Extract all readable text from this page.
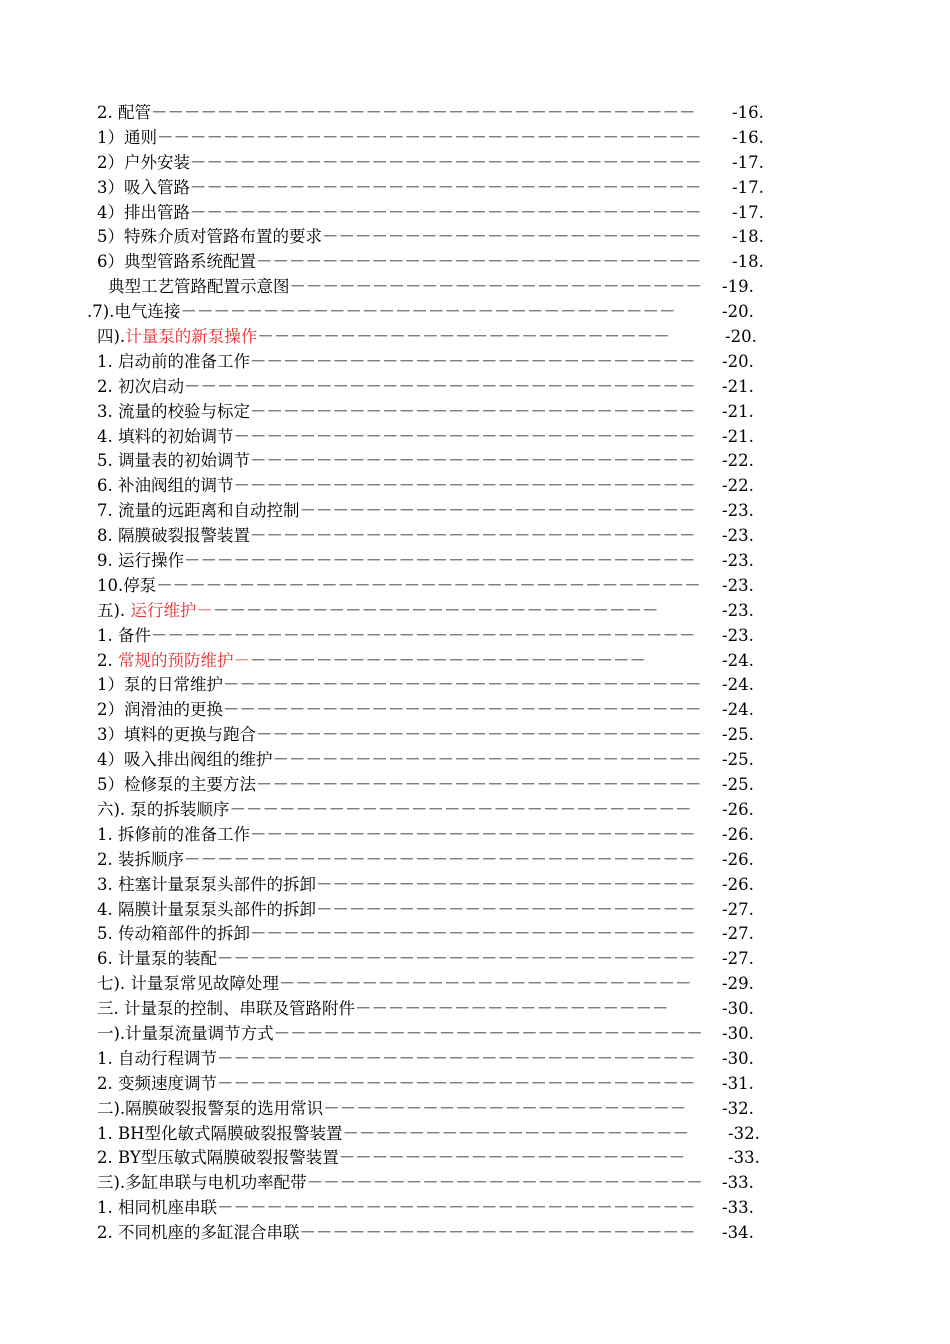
2. 配管－－－－－－－－－－－－－－－－－－－－－－－－－－－－－－－－－ -16.
1）通则－－－－－－－－－－－－－－－－－－－－－－－－－－－－－－－－－ -16.
2）户外安装－－－－－－－－－－－－－－－－－－－－－－－－－－－－－－－ -17.
3）吸入管路－－－－－－－－－－－－－－－－－－－－－－－－－－－－－－－ -17.
4）排出管路－－－－－－－－－－－－－－－－－－－－－－－－－－－－－－－ -17.
5）特殊介质对管路布置的要求－－－－－－－－－－－－－－－－－－－－－－－ -18.
6）典型管路系统配置－－－－－－－－－－－－－－－－－－－－－－－－－－－ -18.
典型工艺管路配置示意图－－－－－－－－－－－－－－－－－－－－－－－－－ -19.
.7).电气连接－－－－－－－－－－－－－－－－－－－－－－－－－－－－－－	-20.
四).计量泵的新泵操作－－－－－－－－－－－－－－－－－－－－－－－－－	-20.
1. 启动前的准备工作－－－－－－－－－－－－－－－－－－－－－－－－－－－ -20.
2. 初次启动－－－－－－－－－－－－－－－－－－－－－－－－－－－－－－－ -21.
3. 流量的校验与标定－－－－－－－－－－－－－－－－－－－－－－－－－－－ -21.
4. 填料的初始调节－－－－－－－－－－－－－－－－－－－－－－－－－－－－ -21.
5. 调量表的初始调节－－－－－－－－－－－－－－－－－－－－－－－－－－－ -22.
6. 补油阀组的调节－－－－－－－－－－－－－－－－－－－－－－－－－－－－ -22.
7. 流量的远距离和自动控制－－－－－－－－－－－－－－－－－－－－－－－－ -23.
8. 隔膜破裂报警装置－－－－－－－－－－－－－－－－－－－－－－－－－－－ -23.
9. 运行操作－－－－－－－－－－－－－－－－－－－－－－－－－－－－－－－ -23.
10.停泵－－－－－－－－－－－－－－－－－－－－－－－－－－－－－－－－－ -23.
五). 运行维护－－－－－－－－－－－－－－－－－－－－－－－－－－－－	-23.
1. 备件－－－－－－－－－－－－－－－－－－－－－－－－－－－－－－－－－ -23.
2. 常规的预防维护－－－－－－－－－－－－－－－－－－－－－－－－－	-24.
1）泵的日常维护－－－－－－－－－－－－－－－－－－－－－－－－－－－－－ -24.
2）润滑油的更换－－－－－－－－－－－－－－－－－－－－－－－－－－－－－ -24.
3）填料的更换与跑合－－－－－－－－－－－－－－－－－－－－－－－－－－－ -25.
4）吸入排出阀组的维护－－－－－－－－－－－－－－－－－－－－－－－－－－ -25.
5）检修泵的主要方法－－－－－－－－－－－－－－－－－－－－－－－－－－－ -25.
六). 泵的拆装顺序－－－－－－－－－－－－－－－－－－－－－－－－－－－－ -26.
1. 拆修前的准备工作－－－－－－－－－－－－－－－－－－－－－－－－－－－ -26.
2. 装拆顺序－－－－－－－－－－－－－－－－－－－－－－－－－－－－－－－ -26.
3. 柱塞计量泵泵头部件的拆卸－－－－－－－－－－－－－－－－－－－－－－－ -26.
4. 隔膜计量泵泵头部件的拆卸－－－－－－－－－－－－－－－－－－－－－－－ -27.
5. 传动箱部件的拆卸－－－－－－－－－－－－－－－－－－－－－－－－－－－ -27.
6. 计量泵的装配－－－－－－－－－－－－－－－－－－－－－－－－－－－－－ -27.
七). 计量泵常见故障处理－－－－－－－－－－－－－－－－－－－－－－－－－ -29.
三. 计量泵的控制、串联及管路附件－－－－－－－－－－－－－－－－－－－	-30.
一).计量泵流量调节方式－－－－－－－－－－－－－－－－－－－－－－－－－－ -30.
1. 自动行程调节－－－－－－－－－－－－－－－－－－－－－－－－－－－－－ -30.
2. 变频速度调节－－－－－－－－－－－－－－－－－－－－－－－－－－－－－ -31.
二).隔膜破裂报警泵的选用常识－－－－－－－－－－－－－－－－－－－－－－ -32.
1. BH型化敏式隔膜破裂报警装置－－－－－－－－－－－－－－－－－－－－－ -32.
2. BY型压敏式隔膜破裂报警装置－－－－－－－－－－－－－－－－－－－－－	-33.
三).多缸串联与电机功率配带－－－－－－－－－－－－－－－－－－－－－－－－ -33.
1. 相同机座串联－－－－－－－－－－－－－－－－－－－－－－－－－－－－－ -33.
2. 不同机座的多缸混合串联－－－－－－－－－－－－－－－－－－－－－－－－ -34.
